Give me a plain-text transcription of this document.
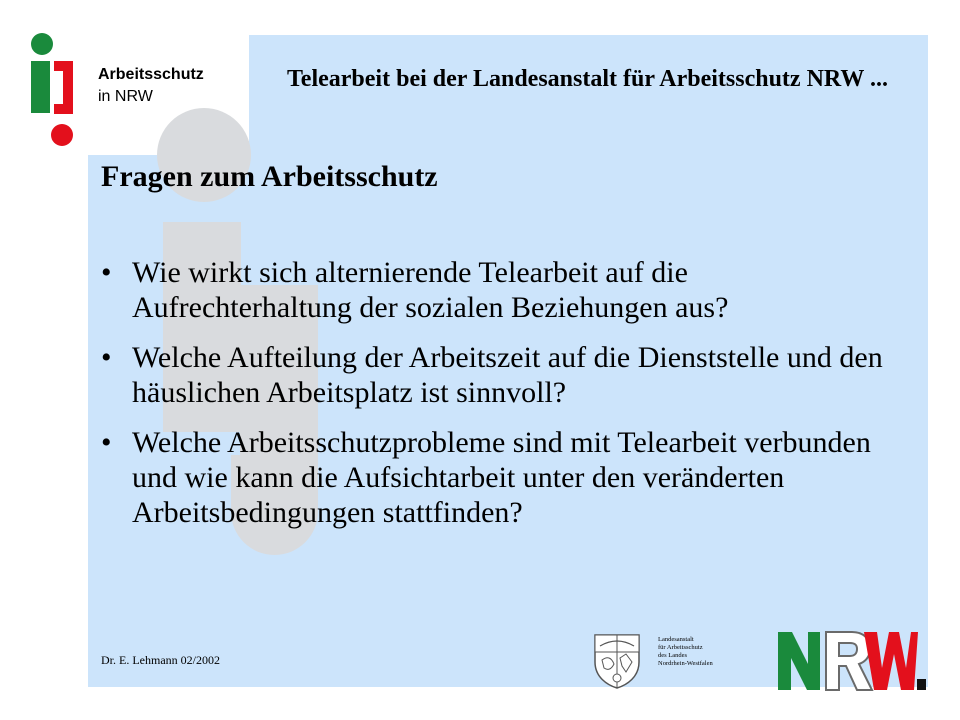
Arbeitsschutz
in NRW
Telearbeit bei der Landesanstalt für Arbeitsschutz NRW ...
Fragen zum Arbeitsschutz
• Wie wirkt sich alternierende Telearbeit auf die Aufrechterhaltung der sozialen Beziehungen aus?
• Welche Aufteilung der Arbeitszeit auf die Dienststelle und den häuslichen Arbeitsplatz ist sinnvoll?
• Welche Arbeitsschutzprobleme sind mit Telearbeit verbunden und wie kann die Aufsichtarbeit unter den veränderten Arbeitsbedingungen stattfinden?
Dr. E. Lehmann 02/2002
Landesanstalt
für Arbeitsschutz
des Landes
Nordrhein-Westfalen
